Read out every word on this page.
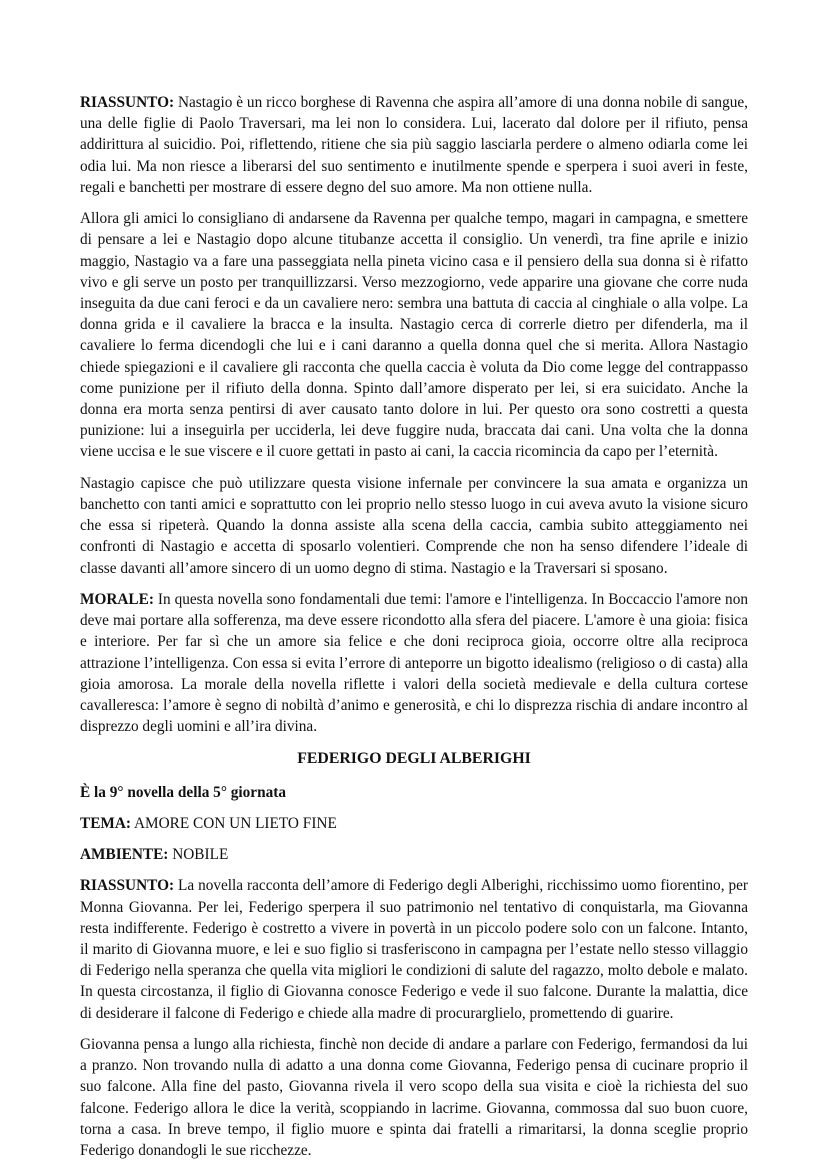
RIASSUNTO: Nastagio è un ricco borghese di Ravenna che aspira all’amore di una donna nobile di sangue, una delle figlie di Paolo Traversari, ma lei non lo considera. Lui, lacerato dal dolore per il rifiuto, pensa addirittura al suicidio. Poi, riflettendo, ritiene che sia più saggio lasciarla perdere o almeno odiarla come lei odia lui. Ma non riesce a liberarsi del suo sentimento e inutilmente spende e sperpera i suoi averi in feste, regali e banchetti per mostrare di essere degno del suo amore. Ma non ottiene nulla.

Allora gli amici lo consigliano di andarsene da Ravenna per qualche tempo, magari in campagna, e smettere di pensare a lei e Nastagio dopo alcune titubanze accetta il consiglio. Un venerdì, tra fine aprile e inizio maggio, Nastagio va a fare una passeggiata nella pineta vicino casa e il pensiero della sua donna si è rifatto vivo e gli serve un posto per tranquillizzarsi. Verso mezzogiorno, vede apparire una giovane che corre nuda inseguita da due cani feroci e da un cavaliere nero: sembra una battuta di caccia al cinghiale o alla volpe. La donna grida e il cavaliere la bracca e la insulta. Nastagio cerca di correrle dietro per difenderla, ma il cavaliere lo ferma dicendogli che lui e i cani daranno a quella donna quel che si merita. Allora Nastagio chiede spiegazioni e il cavaliere gli racconta che quella caccia è voluta da Dio come legge del contrappasso come punizione per il rifiuto della donna. Spinto dall’amore disperato per lei, si era suicidato. Anche la donna era morta senza pentirsi di aver causato tanto dolore in lui. Per questo ora sono costretti a questa punizione: lui a inseguirla per ucciderla, lei deve fuggire nuda, braccata dai cani. Una volta che la donna viene uccisa e le sue viscere e il cuore gettati in pasto ai cani, la caccia ricomincia da capo per l’eternità.

Nastagio capisce che può utilizzare questa visione infernale per convincere la sua amata e organizza un banchetto con tanti amici e soprattutto con lei proprio nello stesso luogo in cui aveva avuto la visione sicuro che essa si ripeterà. Quando la donna assiste alla scena della caccia, cambia subito atteggiamento nei confronti di Nastagio e accetta di sposarlo volentieri. Comprende che non ha senso difendere l’ideale di classe davanti all’amore sincero di un uomo degno di stima. Nastagio e la Traversari si sposano.

MORALE: In questa novella sono fondamentali due temi: l'amore e l'intelligenza. In Boccaccio l'amore non deve mai portare alla sofferenza, ma deve essere ricondotto alla sfera del piacere. L'amore è una gioia: fisica e interiore. Per far sì che un amore sia felice e che doni reciproca gioia, occorre oltre alla reciproca attrazione l’intelligenza. Con essa si evita l’errore di anteporre un bigotto idealismo (religioso o di casta) alla gioia amorosa. La morale della novella riflette i valori della società medievale e della cultura cortese cavalleresca: l’amore è segno di nobiltà d’animo e generosità, e chi lo disprezza rischia di andare incontro al disprezzo degli uomini e all’ira divina.

FEDERIGO DEGLI ALBERIGHI

È la 9° novella della 5° giornata

TEMA: AMORE CON UN LIETO FINE

AMBIENTE: NOBILE

RIASSUNTO: La novella racconta dell’amore di Federigo degli Alberighi, ricchissimo uomo fiorentino, per Monna Giovanna. Per lei, Federigo sperpera il suo patrimonio nel tentativo di conquistarla, ma Giovanna resta indifferente. Federigo è costretto a vivere in povertà in un piccolo podere solo con un falcone. Intanto, il marito di Giovanna muore, e lei e suo figlio si trasferiscono in campagna per l’estate nello stesso villaggio di Federigo nella speranza che quella vita migliori le condizioni di salute del ragazzo, molto debole e malato. In questa circostanza, il figlio di Giovanna conosce Federigo e vede il suo falcone. Durante la malattia, dice di desiderare il falcone di Federigo e chiede alla madre di procurarglielo, promettendo di guarire.

Giovanna pensa a lungo alla richiesta, finchè non decide di andare a parlare con Federigo, fermandosi da lui a pranzo. Non trovando nulla di adatto a una donna come Giovanna, Federigo pensa di cucinare proprio il suo falcone. Alla fine del pasto, Giovanna rivela il vero scopo della sua visita e cioè la richiesta del suo falcone. Federigo allora le dice la verità, scoppiando in lacrime. Giovanna, commossa dal suo buon cuore, torna a casa. In breve tempo, il figlio muore e spinta dai fratelli a rimaritarsi, la donna sceglie proprio Federigo donandogli le sue ricchezze.
